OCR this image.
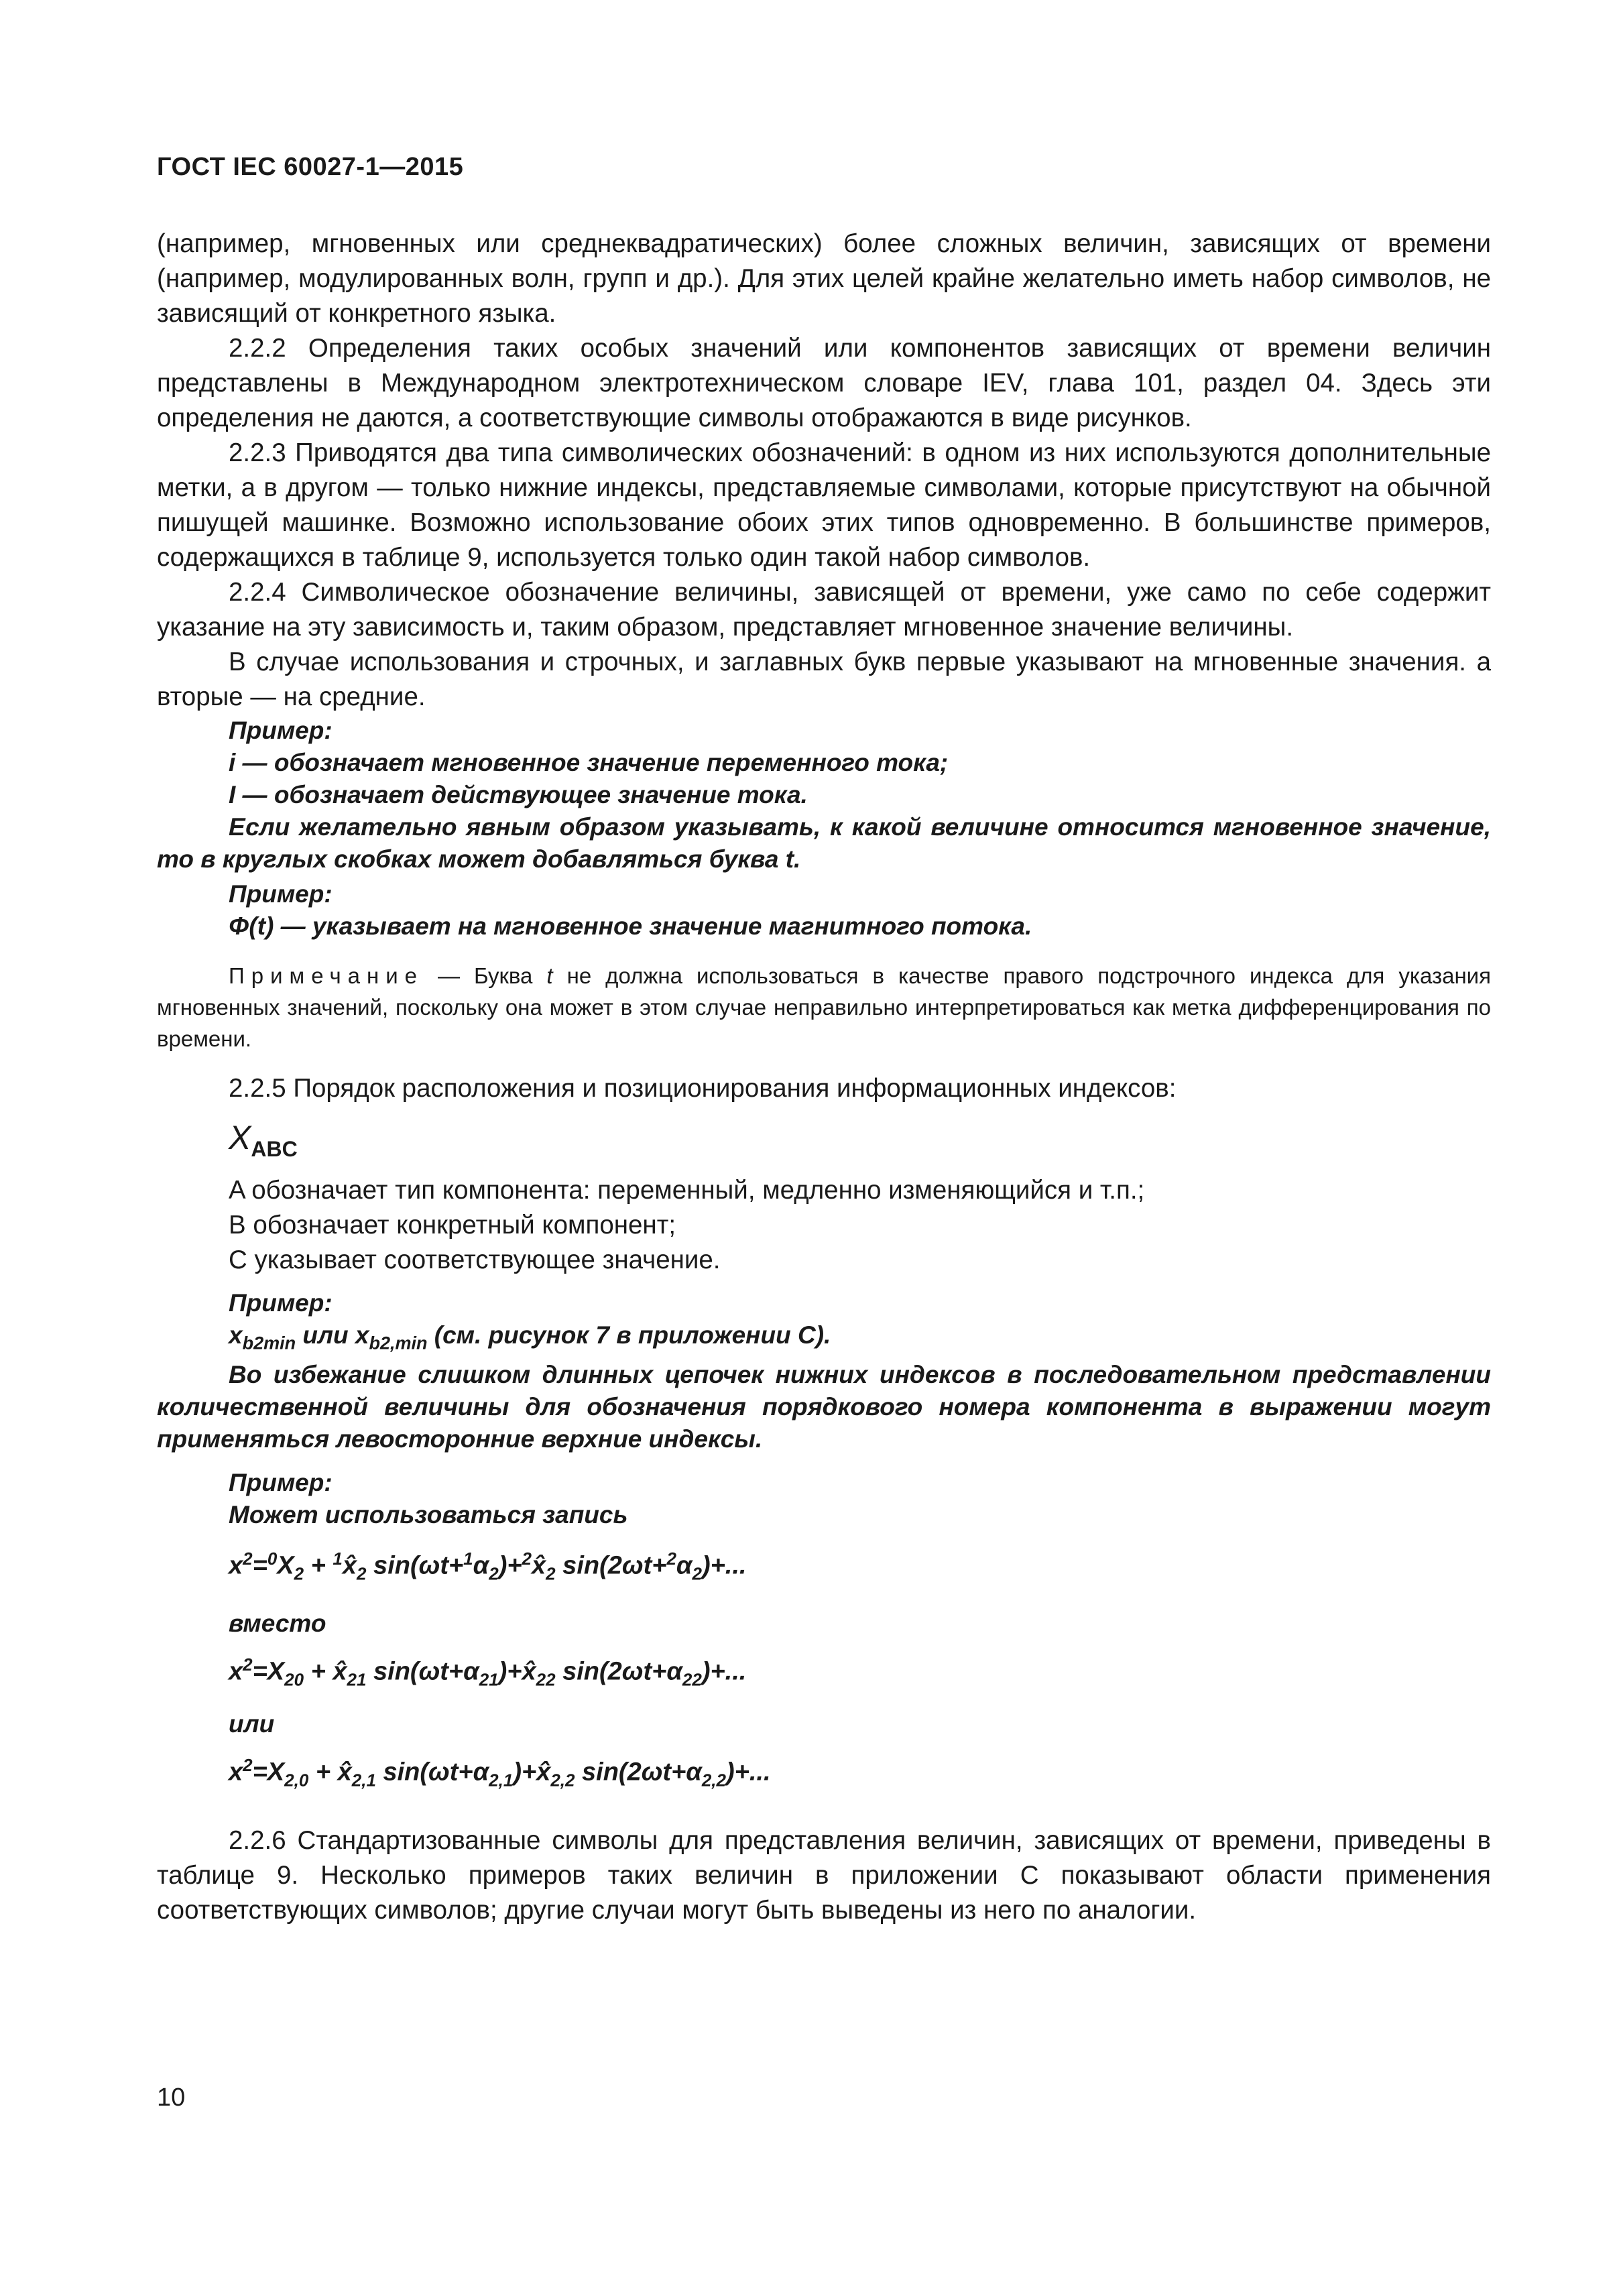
ГОСТ IEC 60027-1—2015

(например, мгновенных или среднеквадратических) более сложных величин, зависящих от времени (например, модулированных волн, групп и др.). Для этих целей крайне желательно иметь набор символов, не зависящий от конкретного языка.

2.2.2 Определения таких особых значений или компонентов зависящих от времени величин представлены в Международном электротехническом словаре IEV, глава 101, раздел 04. Здесь эти определения не даются, а соответствующие символы отображаются в виде рисунков.

2.2.3 Приводятся два типа символических обозначений: в одном из них используются дополнительные метки, а в другом — только нижние индексы, представляемые символами, которые присутствуют на обычной пишущей машинке. Возможно использование обоих этих типов одновременно. В большинстве примеров, содержащихся в таблице 9, используется только один такой набор символов.

2.2.4 Символическое обозначение величины, зависящей от времени, уже само по себе содержит указание на эту зависимость и, таким образом, представляет мгновенное значение величины.

В случае использования и строчных, и заглавных букв первые указывают на мгновенные значения. а вторые — на средние.

Пример:

i — обозначает мгновенное значение переменного тока;

I — обозначает действующее значение тока.

Если желательно явным образом указывать, к какой величине относится мгновенное значение, то в круглых скобках может добавляться буква t.

Пример:

Φ(t) — указывает на мгновенное значение магнитного потока.

Примечание — Буква t не должна использоваться в качестве правого подстрочного индекса для указания мгновенных значений, поскольку она может в этом случае неправильно интерпретироваться как метка дифференцирования по времени.

2.2.5 Порядок расположения и позиционирования информационных индексов:

$X_{ABC}$

A обозначает тип компонента: переменный, медленно изменяющийся и т.п.;

B обозначает конкретный компонент;

C указывает соответствующее значение.

Пример:

$x_{b2min}$ или $x_{b2,min}$ (см. рисунок 7 в приложении C).

Во избежание слишком длинных цепочек нижних индексов в последовательном представлении количественной величины для обозначения порядкового номера компонента в выражении могут применяться левосторонние верхние индексы.

Пример:

Может использоваться запись

$x^2=^0X_2$ + $^1x̂_2$ $\sin(\omega t+^1\alpha_2)+^2x̂_2$ $\sin(2\omega t+^2\alpha_2)+$...

вместо

$x^2=X_{20}$ + $x̂_{21}$ $\sin(\omega t+\alpha_{21})+x̂_{22}$ $\sin(2\omega t+\alpha_{22})+$...

или

$x^2=X_{2,0}$ + $x̂_{2,1}$ $\sin(\omega t+\alpha_{2,1})+x̂_{2,2}$ $\sin(2\omega t+\alpha_{2,2})+$...

2.2.6 Стандартизованные символы для представления величин, зависящих от времени, приведены в таблице 9. Несколько примеров таких величин в приложении C показывают области применения соответствующих символов; другие случаи могут быть выведены из него по аналогии.

10
